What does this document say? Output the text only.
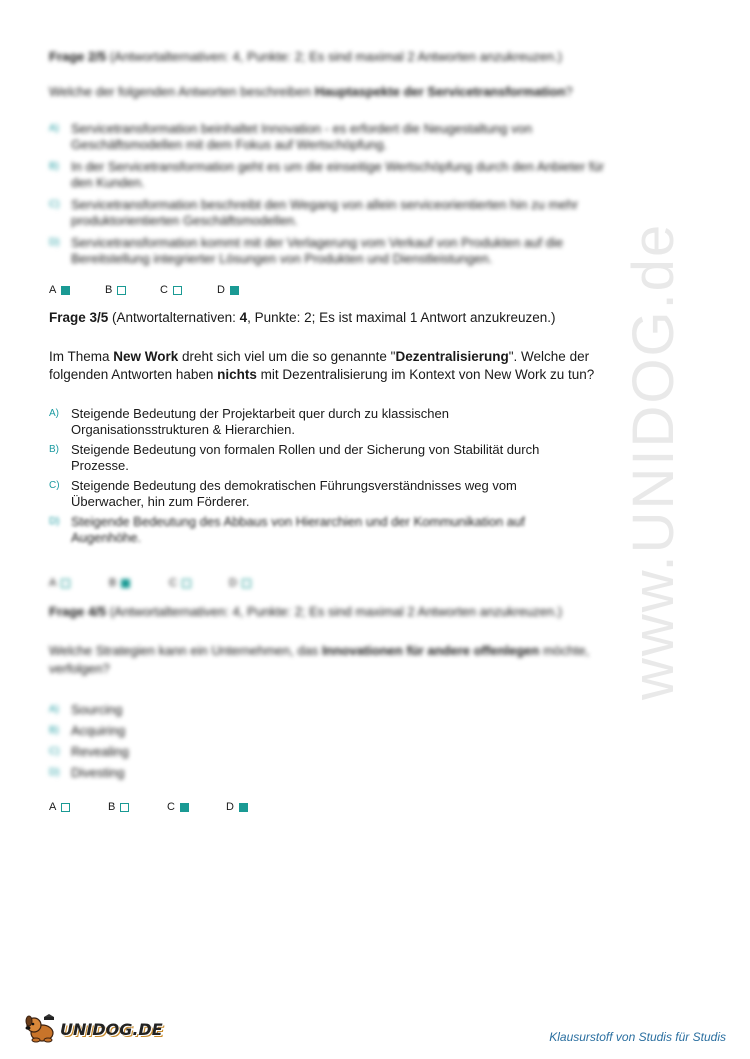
www.UNIDOG.de
Frage 2/5 (Antwortalternativen: 4, Punkte: 2; Es sind maximal 2 Antworten anzukreuzen.)
Welche der folgenden Antworten beschreiben Hauptaspekte der Servicetransformation?
A) Servicetransformation beinhaltet Innovation - es erfordert die Neugestaltung von Geschäftsmodellen mit dem Fokus auf Wertschöpfung.
B) In der Servicetransformation geht es um die einseitige Wertschöpfung durch den Anbieter für den Kunden.
C) Servicetransformation beschreibt den Wegang von allein serviceorientierten hin zu mehr produktorientierten Geschäftsmodellen.
D) Servicetransformation kommt mit der Verlagerung vom Verkauf von Produkten auf die Bereitstellung integrierter Lösungen von Produkten und Dienstleistungen.
A	B	C	D
Frage 3/5 (Antwortalternativen: 4, Punkte: 2; Es ist maximal 1 Antwort anzukreuzen.)
Im Thema New Work dreht sich viel um die so genannte "Dezentralisierung". Welche der folgenden Antworten haben nichts mit Dezentralisierung im Kontext von New Work zu tun?
A) Steigende Bedeutung der Projektarbeit quer durch zu klassischen Organisationsstrukturen & Hierarchien.
B) Steigende Bedeutung von formalen Rollen und der Sicherung von Stabilität durch Prozesse.
C) Steigende Bedeutung des demokratischen Führungsverständnisses weg vom Überwacher, hin zum Förderer.
D) Steigende Bedeutung des Abbaus von Hierarchien und der Kommunikation auf Augenhöhe.
A	B	C	D
Frage 4/5 (Antwortalternativen: 4, Punkte: 2; Es sind maximal 2 Antworten anzukreuzen.)
Welche Strategien kann ein Unternehmen, das Innovationen für andere offenlegen möchte, verfolgen?
A) Sourcing
B) Acquiring
C) Revealing
D) Divesting
A	B	C	D
UNIDOG.DE	Klausurstoff von Studis für Studis
